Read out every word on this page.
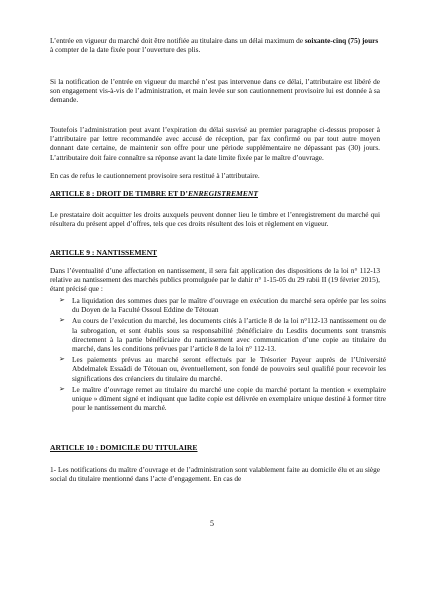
L’entrée en vigueur du marché doit être notifiée au titulaire dans un délai maximum de soixante-cinq (75) jours à compter de la date fixée pour l’ouverture des plis.

Si la notification de l’entrée en vigueur du marché n’est pas intervenue dans ce délai, l’attributaire est libéré de son engagement vis-à-vis de l’administration, et main levée sur son cautionnement provisoire lui est donnée à sa demande.

Toutefois l’administration peut avant l’expiration du délai susvisé au premier paragraphe ci-dessus proposer à l’attributaire par lettre recommandée avec accusé de réception, par fax confirmé ou par tout autre moyen donnant date certaine, de maintenir son offre pour une période supplémentaire ne dépassant pas (30) jours. L’attributaire doit faire connaître sa réponse avant la date limite fixée par le maître d’ouvrage.

En cas de refus le cautionnement provisoire sera restitué à l’attributaire.

ARTICLE 8 : DROIT DE TIMBRE ET D’ENREGISTREMENT

Le prestataire doit acquitter les droits auxquels peuvent donner lieu le timbre et l’enregistrement du marché qui résultera du présent appel d’offres, tels que ces droits résultent des lois et règlement en vigueur.

ARTICLE 9 : NANTISSEMENT

Dans l’éventualité d’une affectation en nantissement, il sera fait application des dispositions de la loi n° 112-13 relative au nantissement des marchés publics promulguée par le dahir n° 1-15-05 du 29 rabii II (19 février 2015), étant précisé que :

➢ La liquidation des sommes dues par le maître d’ouvrage en exécution du marché sera opérée par les soins du Doyen de la Faculté Ossoul Eddine de Tétouan
➢ Au cours de l’exécution du marché, les documents cités à l’article 8 de la loi n°112-13 nantissement ou de la subrogation, et sont établis sous sa responsabilité ;bénéficiaire du Lesdits documents sont transmis directement à la partie bénéficiaire du nantissement avec communication d’une copie au titulaire du marché, dans les conditions prévues par l’article 8 de la loi n° 112-13.
➢ Les paiements prévus au marché seront effectués par le Trésorier Payeur auprès de l’Université Abdelmalek Essaâdi de Tétouan ou, éventuellement, son fondé de pouvoirs seul qualifié pour recevoir les significations des créanciers du titulaire du marché.
➢ Le maître d’ouvrage remet au titulaire du marché une copie du marché portant la mention « exemplaire unique » dûment signé et indiquant que ladite copie est délivrée en exemplaire unique destiné à former titre pour le nantissement du marché.
ARTICLE 10 : DOMICILE DU TITULAIRE

1- Les notifications du maître d’ouvrage et de l’administration sont valablement faite au domicile élu et au siège social du titulaire mentionné dans l’acte d’engagement. En cas de

5
